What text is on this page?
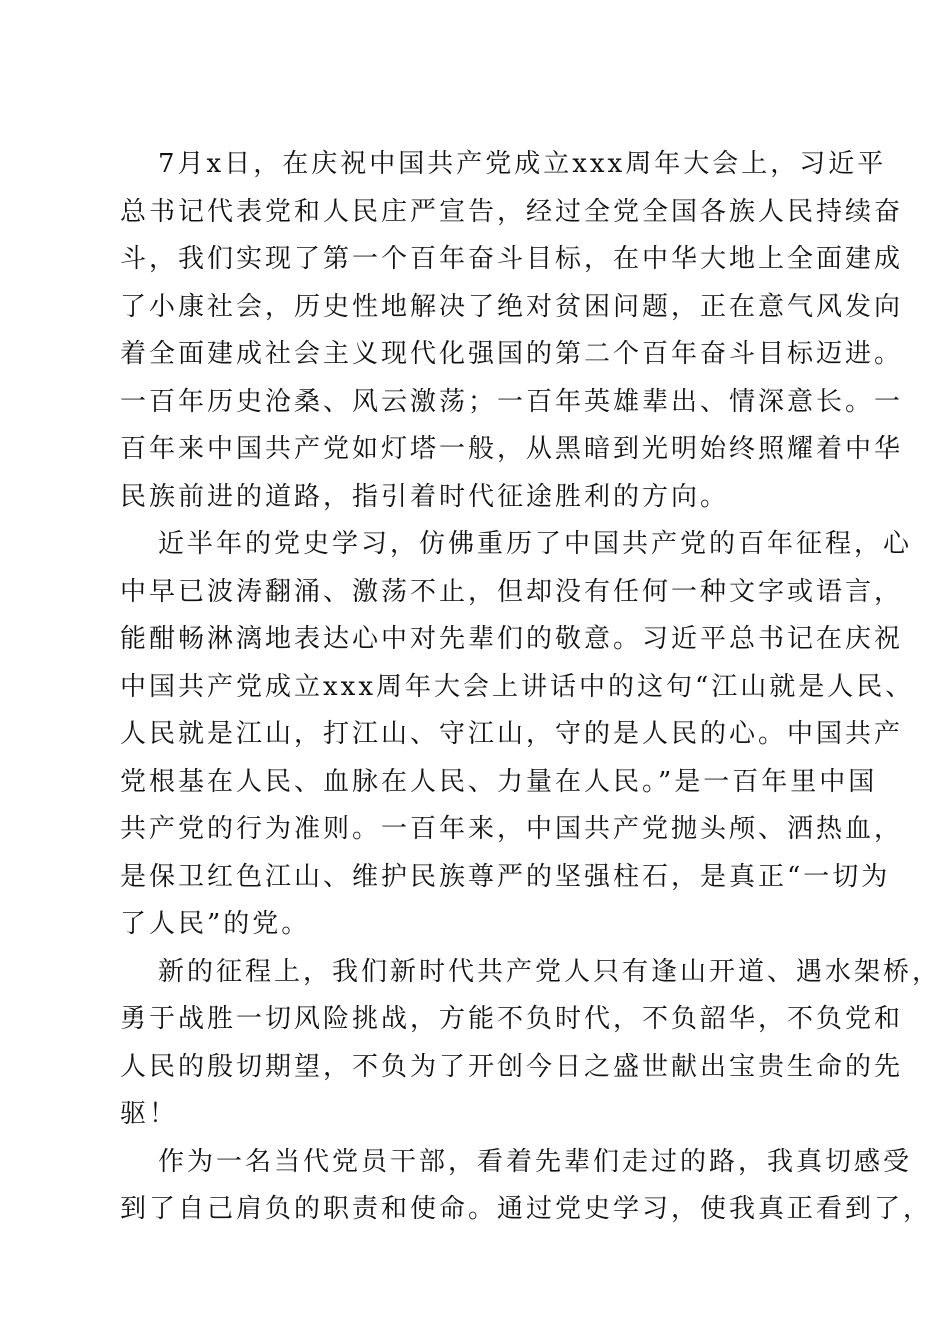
7月x日，在庆祝中国共产党成立xxx周年大会上，习近平
总书记代表党和人民庄严宣告，经过全党全国各族人民持续奋
斗，我们实现了第一个百年奋斗目标，在中华大地上全面建成
了小康社会，历史性地解决了绝对贫困问题，正在意气风发向
着全面建成社会主义现代化强国的第二个百年奋斗目标迈进。
一百年历史沧桑、风云激荡；一百年英雄辈出、情深意长。一
百年来中国共产党如灯塔一般，从黑暗到光明始终照耀着中华
民族前进的道路，指引着时代征途胜利的方向。
近半年的党史学习，仿佛重历了中国共产党的百年征程，心
中早已波涛翻涌、激荡不止，但却没有任何一种文字或语言，
能酣畅淋漓地表达心中对先辈们的敬意。习近平总书记在庆祝
中国共产党成立xxx周年大会上讲话中的这句“江山就是人民、
人民就是江山，打江山、守江山，守的是人民的心。中国共产
党根基在人民、血脉在人民、力量在人民。”是一百年里中国
共产党的行为准则。一百年来，中国共产党抛头颅、洒热血，
是保卫红色江山、维护民族尊严的坚强柱石，是真正“一切为
了人民”的党。
新的征程上，我们新时代共产党人只有逢山开道、遇水架桥，
勇于战胜一切风险挑战，方能不负时代，不负韶华，不负党和
人民的殷切期望，不负为了开创今日之盛世献出宝贵生命的先
驱！
作为一名当代党员干部，看着先辈们走过的路，我真切感受
到了自己肩负的职责和使命。通过党史学习，使我真正看到了，
